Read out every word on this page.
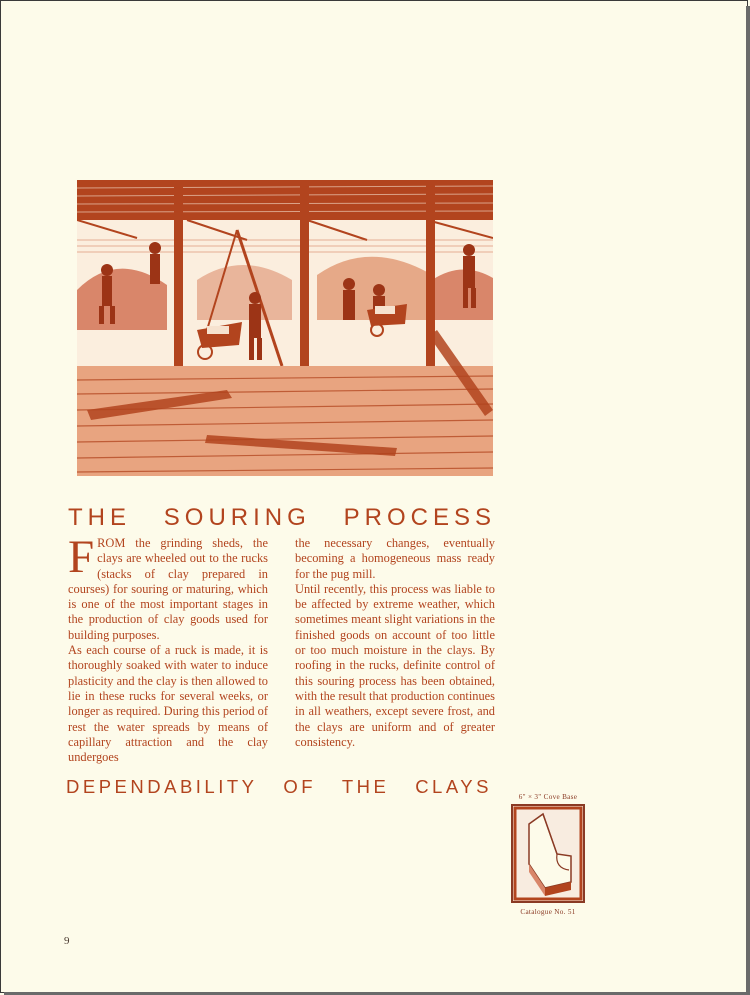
THE SOURING PROCESS

FROM the grinding sheds, the clays are wheeled out to the rucks (stacks of clay prepared in courses) for souring or maturing, which is one of the most important stages in the production of clay goods used for building purposes.

As each course of a ruck is made, it is thoroughly soaked with water to induce plasticity and the clay is then allowed to lie in these rucks for several weeks, or longer as required. During this period of rest the water spreads by means of capillary attraction and the clay undergoes

the necessary changes, eventually becoming a homogeneous mass ready for the pug mill.

Until recently, this process was liable to be affected by extreme weather, which sometimes meant slight variations in the finished goods on account of too little or too much moisture in the clays. By roofing in the rucks, definite control of this souring process has been obtained, with the result that production continues in all weathers, except severe frost, and the clays are uniform and of greater consistency.

DEPENDABILITY OF THE CLAYS	6" × 3" Cove Base
Catalogue No. 51
9
